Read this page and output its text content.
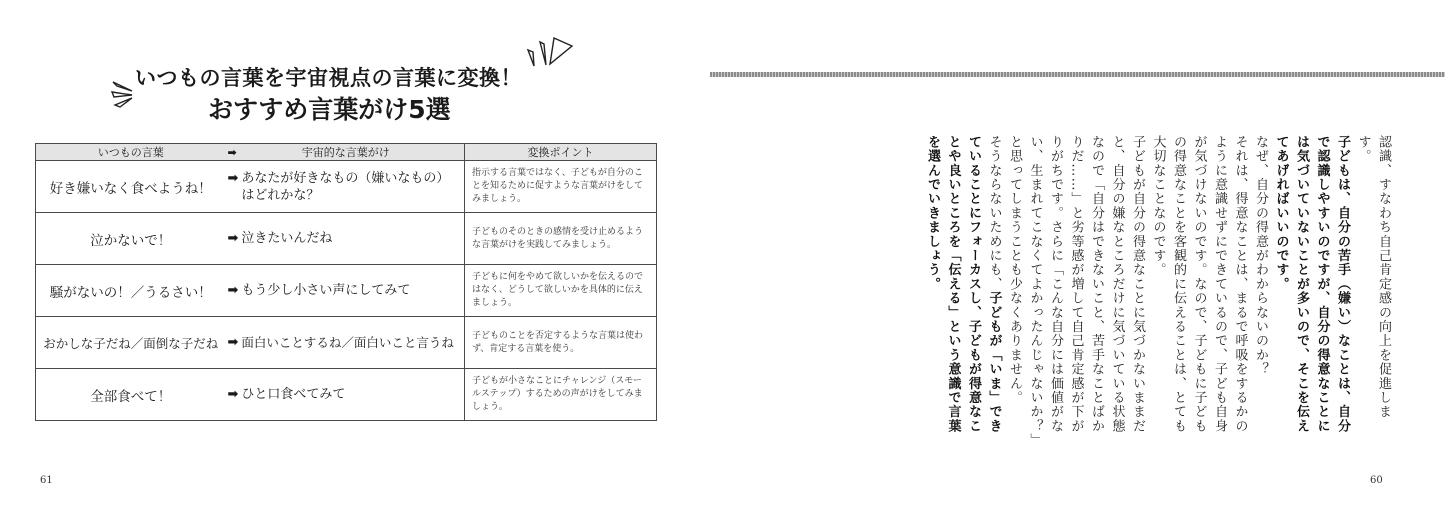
いつもの言葉を宇宙視点の言葉に変換！
おすすめ言葉がけ5選
いつもの言葉	➡ 宇宙的な言葉がけ	変換ポイント
好き嫌いなく食べようね！	➡ あなたが好きなもの（嫌いなもの）はどれかな？	指示する言葉ではなく、子どもが自分のことを知るために促すような言葉がけをしてみましょう。
泣かないで！	➡ 泣きたいんだね	子どものそのときの感情を受け止めるような言葉がけを実践してみましょう。
騒がないの！／うるさい！	➡ もう少し小さい声にしてみて	子どもに何をやめて欲しいかを伝えるのではなく、どうして欲しいかを具体的に伝えましょう。
おかしな子だね／面倒な子だね	➡ 面白いことするね／面白いこと言うね	子どものことを否定するような言葉は使わず、肯定する言葉を使う。
全部食べて！	➡ ひと口食べてみて	子どもが小さなことにチャレンジ（スモールステップ）するための声がけをしてみましょう。
61

認識、すなわち自己肯定感の向上を促進します。

子どもは、自分の苦手（嫌い）なことは、自分で認識しやすいのですが、自分の得意なことには気づいていないことが多いので、そこを伝えてあげればいいのです。

なぜ、自分の得意がわからないのか？

それは、得意なことは、まるで呼吸をするかのように意識せずにできているので、子ども自身が気づけないのです。なので、子どもに子どもの得意なことを客観的に伝えることは、とても大切なことなのです。

子どもが自分の得意なことに気づかないままだと、自分の嫌なところだけに気づいている状態なので「自分はできないこと、苦手なことばかりだ……」と劣等感が増して自己肯定感が下がりがちです。さらに「こんな自分には価値がない、生まれてこなくてよかったんじゃないか？」と思ってしまうことも少なくありません。

そうならないためにも、子どもが「いま」できていることにフォーカスし、子どもが得意なことや良いところを「伝える」という意識で言葉を選んでいきましょう。

60
